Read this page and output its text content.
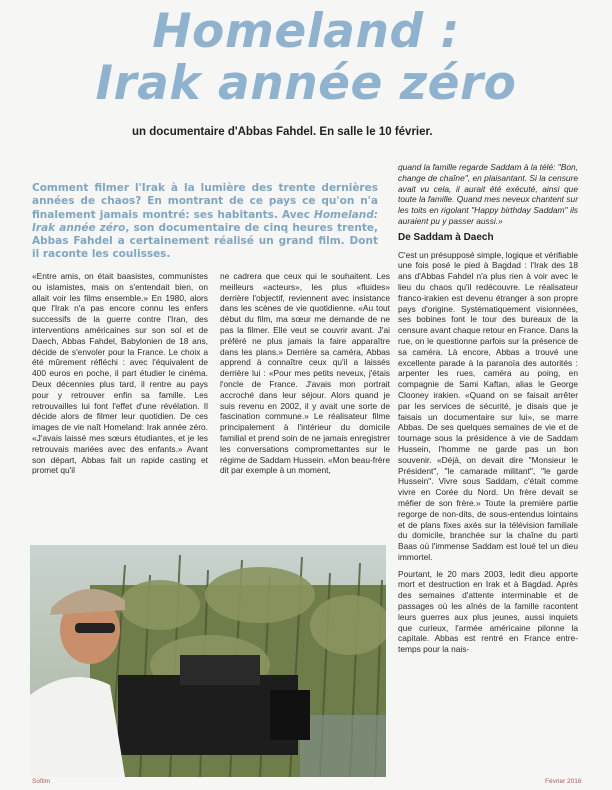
Homeland :
Irak année zéro

un documentaire d'Abbas Fahdel. En salle le 10 février.

Comment filmer l'Irak à la lumière des trente dernières années de chaos? En montrant de ce pays ce qu'on n'a finalement jamais montré: ses habitants. Avec Homeland: Irak année zéro, son documentaire de cinq heures trente, Abbas Fahdel a certainement réalisé un grand film. Dont il raconte les coulisses.

«Entre amis, on était baasistes, communistes ou islamistes, mais on s'entendait bien, on allait voir les films ensemble.» En 1980, alors que l'Irak n'a pas encore connu les enfers successifs de la guerre contre l'Iran, des interventions américaines sur son sol et de Daech, Abbas Fahdel, Babylonien de 18 ans, décide de s'envoler pour la France. Le choix a été mûrement réfléchi : avec l'équivalent de 400 euros en poche, il part étudier le cinéma. Deux décennies plus tard, il rentre au pays pour y retrouver enfin sa famille. Les retrouvailles lui font l'effet d'une révélation. Il décide alors de filmer leur quotidien. De ces images de vie naît Homeland: Irak année zéro. «J'avais laissé mes sœurs étudiantes, et je les retrouvais mariées avec des enfants.» Avant son départ, Abbas fait un rapide casting et promet qu'il

ne cadrera que ceux qui le souhaitent. Les meilleurs «acteurs», les plus «fluides» derrière l'objectif, reviennent avec insistance dans les scènes de vie quotidienne. «Au tout début du film, ma sœur me demande de ne pas la filmer. Elle veut se couvrir avant. J'ai préféré ne plus jamais la faire apparaître dans les plans.» Derrière sa caméra, Abbas apprend à connaître ceux qu'il a laissés derrière lui : «Pour mes petits neveux, j'étais l'oncle de France. J'avais mon portrait accroché dans leur séjour. Alors quand je suis revenu en 2002, il y avait une sorte de fascination commune.» Le réalisateur filme principalement à l'intérieur du domicile familial et prend soin de ne jamais enregistrer les conversations compromettantes sur le régime de Saddam Hussein. «Mon beau-frère dit par exemple à un moment,

quand la famille regarde Saddam à la télé: "Bon, change de chaîne", en plaisantant. Si la censure avait vu cela, il aurait été exécuté, ainsi que toute la famille. Quand mes neveux chantent sur les toits en rigolant "Happy birthday Saddam" ils auraient pu y passer aussi.»

De Saddam à Daech

C'est un présupposé simple, logique et vérifiable une fois posé le pied à Bagdad : l'Irak des 18 ans d'Abbas Fahdel n'a plus rien à voir avec le lieu du chaos qu'il redécouvre. Le réalisateur franco-irakien est devenu étranger à son propre pays d'origine. Systématiquement visionnées, ses bobines font le tour des bureaux de la censure avant chaque retour en France. Dans la rue, on le questionne parfois sur la présence de sa caméra. Là encore, Abbas a trouvé une excellente parade à la paranoïa des autorités : arpenter les rues, caméra au poing, en compagnie de Sami Kaftan, alias le George Clooney irakien. «Quand on se faisait arrêter par les services de sécurité, je disais que je faisais un documentaire sur lui», se marre Abbas. De ses quelques semaines de vie et de tournage sous la présidence à vie de Saddam Hussein, l'homme ne garde pas un bon souvenir. «Déjà, on devait dire "Monsieur le Président", "le camarade militant", "le garde Hussein". Vivre sous Saddam, c'était comme vivre en Corée du Nord. Un frère devait se méfier de son frère.» Toute la première partie regorge de non-dits, de sous-entendus lointains et de plans fixes axés sur la télévision familiale du domicile, branchée sur la chaîne du parti Baas où l'immense Saddam est loué tel un dieu immortel.

Pourtant, le 20 mars 2003, ledit dieu apporte mort et destruction en Irak et à Bagdad. Après des semaines d'attente interminable et de passages où les aînés de la famille racontent leurs guerres aux plus jeunes, aussi inquiets que curieux, l'armée américaine pilonne la capitale. Abbas est rentré en France entre-temps pour la nais-

Sofilm	Février 2016
